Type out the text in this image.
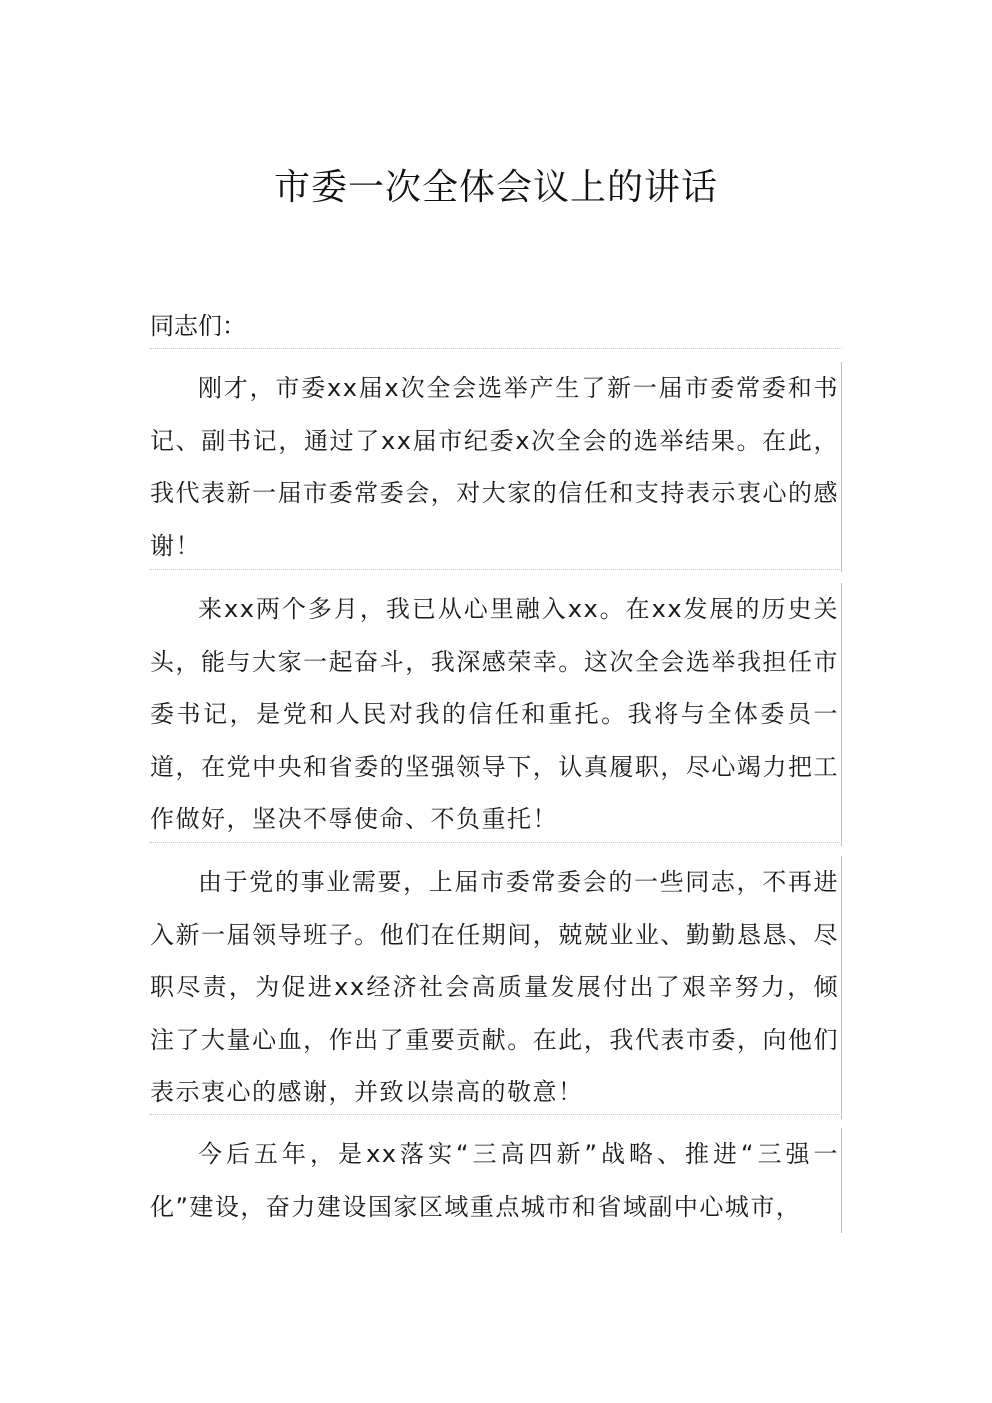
市委一次全体会议上的讲话
同志们：

刚才，市委xx届x次全会选举产生了新一届市委常委和书记、副书记，通过了xx届市纪委x次全会的选举结果。在此，我代表新一届市委常委会，对大家的信任和支持表示衷心的感谢！

来xx两个多月，我已从心里融入xx。在xx发展的历史关头，能与大家一起奋斗，我深感荣幸。这次全会选举我担任市委书记，是党和人民对我的信任和重托。我将与全体委员一道，在党中央和省委的坚强领导下，认真履职，尽心竭力把工作做好，坚决不辱使命、不负重托！

由于党的事业需要，上届市委常委会的一些同志，不再进入新一届领导班子。他们在任期间，兢兢业业、勤勤恳恳、尽职尽责，为促进xx经济社会高质量发展付出了艰辛努力，倾注了大量心血，作出了重要贡献。在此，我代表市委，向他们表示衷心的感谢，并致以崇高的敬意！

今后五年，是xx落实“三高四新”战略、推进“三强一化”建设，奋力建设国家区域重点城市和省域副中心城市，
